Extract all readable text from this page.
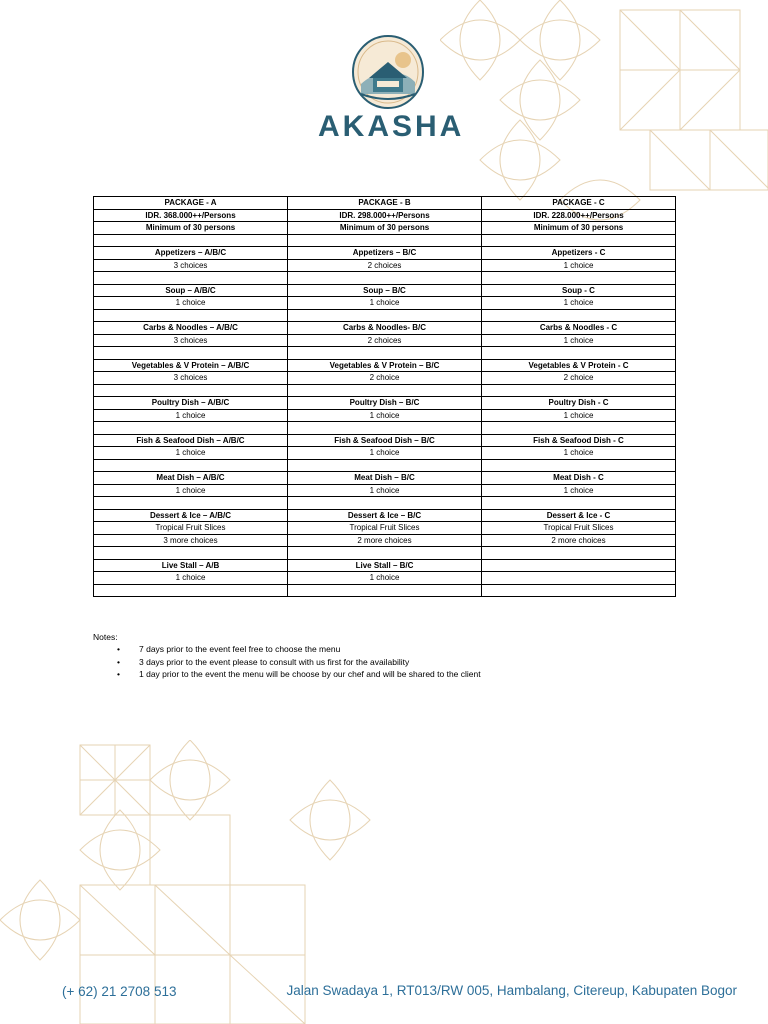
AKASHA
PACKAGE - A	PACKAGE - B	PACKAGE - C
IDR. 368.000++/Persons	IDR. 298.000++/Persons	IDR. 228.000++/Persons
Minimum of 30 persons	Minimum of 30 persons	Minimum of 30 persons

Appetizers – A/B/C	Appetizers – B/C	Appetizers - C
3 choices	2 choices	1 choice

Soup – A/B/C	Soup – B/C	Soup - C
1 choice	1 choice	1 choice

Carbs & Noodles – A/B/C	Carbs & Noodles- B/C	Carbs & Noodles - C
3 choices	2 choices	1 choice

Vegetables & V Protein – A/B/C	Vegetables & V Protein – B/C	Vegetables & V Protein - C
3 choices	2 choice	2 choice

Poultry Dish – A/B/C	Poultry Dish – B/C	Poultry Dish - C
1 choice	1 choice	1 choice

Fish & Seafood Dish – A/B/C	Fish & Seafood Dish – B/C	Fish & Seafood Dish - C
1 choice	1 choice	1 choice

Meat Dish – A/B/C	Meat Dish – B/C	Meat Dish - C
1 choice	1 choice	1 choice

Dessert & Ice – A/B/C	Dessert & Ice – B/C	Dessert & Ice - C
Tropical Fruit Slices	Tropical Fruit Slices	Tropical Fruit Slices
3 more choices	2 more choices	2 more choices

Live Stall – A/B	Live Stall – B/C	
1 choice	1 choice	

Notes:
• 7 days prior to the event feel free to choose the menu
• 3 days prior to the event please to consult with us first for the availability
• 1 day prior to the event the menu will be choose by our chef and will be shared to the client
(+ 62) 21 2708 513	Jalan Swadaya 1, RT013/RW 005, Hambalang, Citereup, Kabupaten Bogor
